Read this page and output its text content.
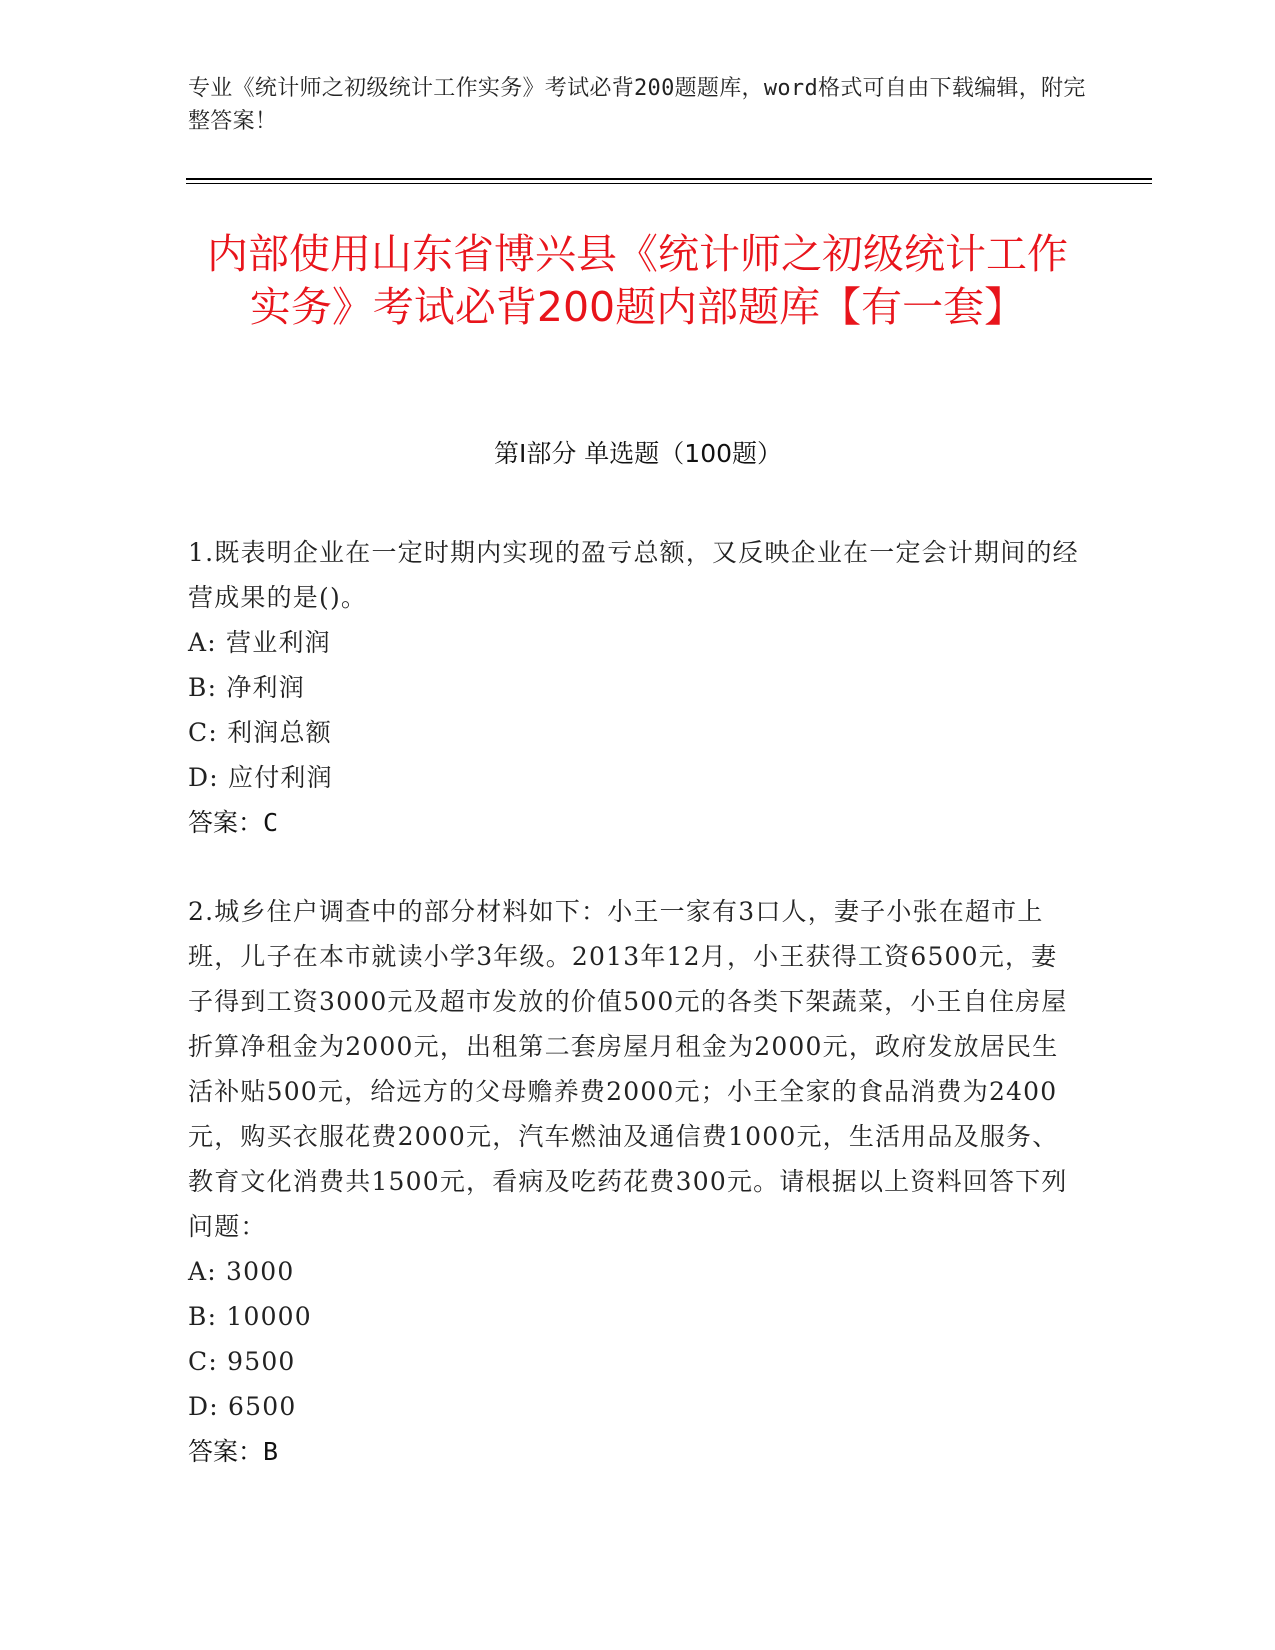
专业《统计师之初级统计工作实务》考试必背200题题库，word格式可自由下载编辑，附完整答案！
内部使用山东省博兴县《统计师之初级统计工作实务》考试必背200题内部题库【有一套】
第I部分 单选题（100题）

1.既表明企业在一定时期内实现的盈亏总额，又反映企业在一定会计期间的经营成果的是()。

A: 营业利润

B: 净利润

C: 利润总额

D: 应付利润

答案：C

2.城乡住户调查中的部分材料如下：小王一家有3口人，妻子小张在超市上班，儿子在本市就读小学3年级。2013年12月，小王获得工资6500元，妻子得到工资3000元及超市发放的价值500元的各类下架蔬菜，小王自住房屋折算净租金为2000元，出租第二套房屋月租金为2000元，政府发放居民生活补贴500元，给远方的父母赡养费2000元；小王全家的食品消费为2400元，购买衣服花费2000元，汽车燃油及通信费1000元，生活用品及服务、教育文化消费共1500元，看病及吃药花费300元。请根据以上资料回答下列问题：

A: 3000

B: 10000

C: 9500

D: 6500

答案：B
